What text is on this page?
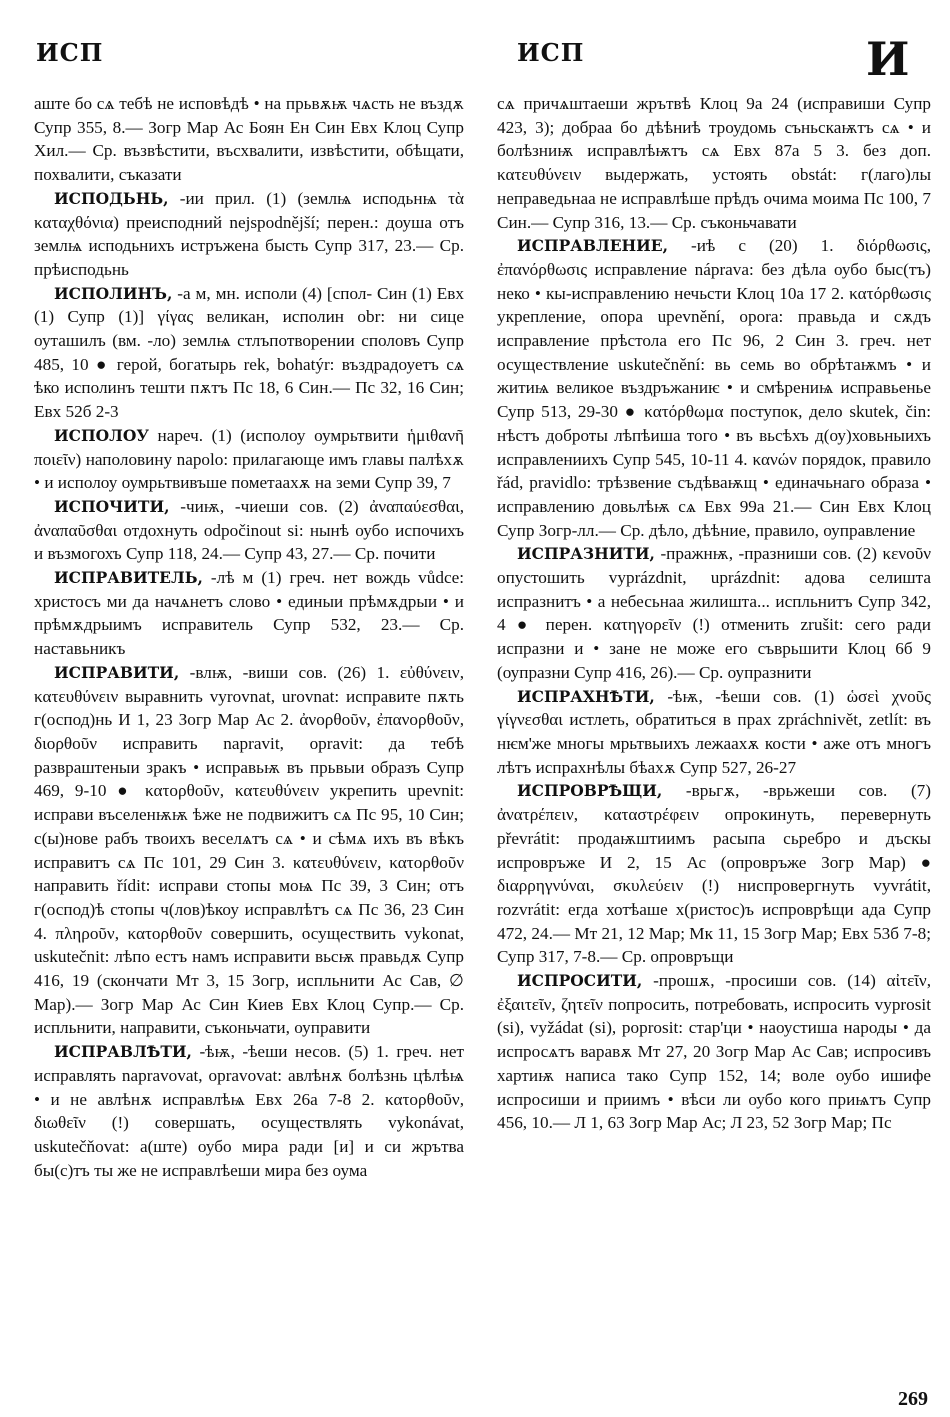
ИСП	ИСП	И

аште бо сѧ тебѣ не исповѣдѣ • на прьвѫѭ чѧсть не въздѫ Супр 355, 8.— Зогр Мар Ас Боян Ен Син Евх Клоц Супр Хил.— Ср. възвѣстити, въсхвалити, извѣстити, обѣщати, похвалити, съказати

ИСПОДЬНЬ, -ии прил. (1) (землѩ исподьнѩ τὰ καταχθόνια) преисподний nejspodnější; перен.: доуша отъ землѩ исподьнихъ истръжена бысть Супр 317, 23.— Ср. прѣисподьнь

ИСПОЛИНЪ, -а м, мн. исполи (4) [спол- Син (1) Евх (1) Супр (1)] γίγας великан, исполин obr: ни сице оуташилъ (вм. -ло) землѩ стлъпотворении споловъ Супр 485, 10 ● герой, богатырь rek, bohatýr: въздрадоуетъ сѧ ѣко исполинъ тешти пѫтъ Пс 18, 6 Син.— Пс 32, 16 Син; Евх 52б 2-3

ИСПОЛОУ нареч. (1) (исполоу оумрьтвити ἡμιθανῆ ποιεῖν) наполовину napolo: прилагающе имъ главы палѣхѫ • и исполоу оумрьтвивъше пометаахѫ на земи Супр 39, 7

ИСПОЧИТИ, -чиѭ, -чиеши сов. (2) ἀναπαύεσθαι, ἀναπαῦσθαι отдохнуть odpočinout si: нынѣ оубо испочихъ и възмогохъ Супр 118, 24.— Супр 43, 27.— Ср. почити

ИСПРАВИТЕЛЬ, -лѣ м (1) греч. нет вождь vůdce: христосъ ми да начѧнетъ слово • единыи прѣмѫдрыи • и прѣмѫдрыимъ исправитель Супр 532, 23.— Ср. наставьникъ

ИСПРАВИТИ, -влѭ, -виши сов. (26) 1. εὐθύνειν, κατευθύνειν выравнить vyrovnat, urovnat: исправите пѫть г(оспод)нь И 1, 23 Зогр Мар Ас 2. ἀνορθοῦν, ἐπανορθοῦν, διορθοῦν исправить napravit, opravit: да тебѣ развраштеныи зракъ • исправьѭ въ прьвыи образъ Супр 469, 9-10 ● κατορθοῦν, κατευθύνειν укрепить upevnit: исправи въселенѭѭ ѣже не подвижитъ сѧ Пс 95, 10 Син; с(ы)нове рабъ твоихъ веселѧтъ сѧ • и сѣмѧ ихъ въ вѣкъ исправитъ сѧ Пс 101, 29 Син 3. κατευθύνειν, κατορθοῦν направить řídit: исправи стопы моѩ Пс 39, 3 Син; отъ г(оспод)ѣ стопы ч(лов)ѣкоу исправлѣтъ сѧ Пс 36, 23 Син 4. πληροῦν, κατορθοῦν совершить, осуществить vykonat, uskutečnit: лѣпо естъ намъ исправити вьсѭ правьдѫ Супр 416, 19 (скончати Мт 3, 15 Зогр, испльнити Ас Сав, ∅ Мар).— Зогр Мар Ас Син Киев Евх Клоц Супр.— Ср. испльнити, направити, съконьчати, оуправити

ИСПРАВЛѢТИ, -ѣѭ, -ѣеши несов. (5) 1. греч. нет исправлять napravovat, opravovat: авлѣнѫ болѣзнь цѣлѣѩ • и не авлѣнѫ исправлѣѩ Евх 26а 7-8 2. κατορθοῦν, διωθεῖν (!) совершать, осуществлять vykonávat, uskutečňovat: а(ште) оубо мира ради [и] и си жрътва бы(с)тъ ты же не исправлѣеши мира без оума

сѧ причѧштаеши жрътвѣ Клоц 9а 24 (исправиши Супр 423, 3); добраа бо дѣѣниѣ троудомь съньскаѭтъ сѧ • и болѣзниѭ исправлѣѭтъ сѧ Евх 87а 5 3. без доп. κατευθύνειν выдержать, устоять obstát: г(лаго)лы неправедьнаа не исправлѣше прѣдъ очима моима Пс 100, 7 Син.— Супр 316, 13.— Ср. съконьчавати

ИСПРАВЛЕНИЕ, -иѣ с (20) 1. διόρθωσις, ἐπανόρθωσις исправление náprava: без дѣла оубо быс(тъ) неко • кы-исправлению нечьсти Клоц 10а 17 2. κατόρθωσις укрепление, опора upevnění, opora: правьда и сѫдъ исправление прѣстола его Пс 96, 2 Син 3. греч. нет осуществление uskutečnění: вь семь во обрѣтаѭмъ • и житиѩ великое въздръжаниѥ • и смѣрениѩ исправьенье Супр 513, 29-30 ● κατόρθωμα поступок, дело skutek, čin: нѣстъ доброты лѣпѣиша того • въ вьсѣхъ д(оу)ховьныихъ исправлениихъ Супр 545, 10-11 4. κανών порядок, правило řád, pravidlo: трѣзвение съдѣваѭщ • единачьнаго образа • исправлению довьлѣѭ сѧ Евх 99а 21.— Син Евх Клоц Супр Зогр-лл.— Ср. дѣло, дѣѣние, правило, оуправление

ИСПРАЗНИТИ, -пражнѭ, -празниши сов. (2) κενοῦν опустошить vyprázdnit, uprázdnit: адова селишта испразнитъ • а небесьнаа жилишта... испльнитъ Супр 342, 4 ● перен. κατηγορεῖν (!) отменить zrušit: сего ради испразни и • зане не може его съврьшити Клоц 6б 9 (оупразни Супр 416, 26).— Ср. оупразнити

ИСПРАХНѢТИ, -ѣѭ, -ѣеши сов. (1) ὡσεὶ χνοῦς γίγνεσθαι истлеть, обратиться в прах zpráchnivět, zetlít: въ нѥм'же многы мрьтвыихъ лежаахѫ кости • аже отъ многъ лѣтъ испрахнѣлы бѣахѫ Супр 527, 26-27

ИСПРОВРѢЩИ, -врьгѫ, -врьжеши сов. (7) ἀνατρέπειν, καταστρέφειν опрокинуть, перевернуть převrátit: продаѭштиимъ расыпа сьребро и дъскы испровръже И 2, 15 Ас (опровръже Зогр Мар) ● διαρρηγνύναι, σκυλεύειν (!) ниспровергнуть vyvrátit, rozvrátit: егда хотѣаше х(ристос)ъ испроврѣщи ада Супр 472, 24.— Мт 21, 12 Мар; Мк 11, 15 Зогр Мар; Евх 53б 7-8; Супр 317, 7-8.— Ср. опровръщи

ИСПРОСИТИ, -прошѫ, -просиши сов. (14) αἰτεῖν, ἐξαιτεῖν, ζητεῖν попросить, потребовать, испросить vyprosit (si), vyžádat (si), poprosit: стар'ци • наоустиша народы • да испросѧтъ варавѫ Мт 27, 20 Зогр Мар Ас Сав; испросивъ хартиѭ написа тако Супр 152, 14; воле оубо ишифе испросиши и приимъ • вѣси ли оубо кого приѩтъ Супр 456, 10.— Л 1, 63 Зогр Мар Ас; Л 23, 52 Зогр Мар; Пс

269
